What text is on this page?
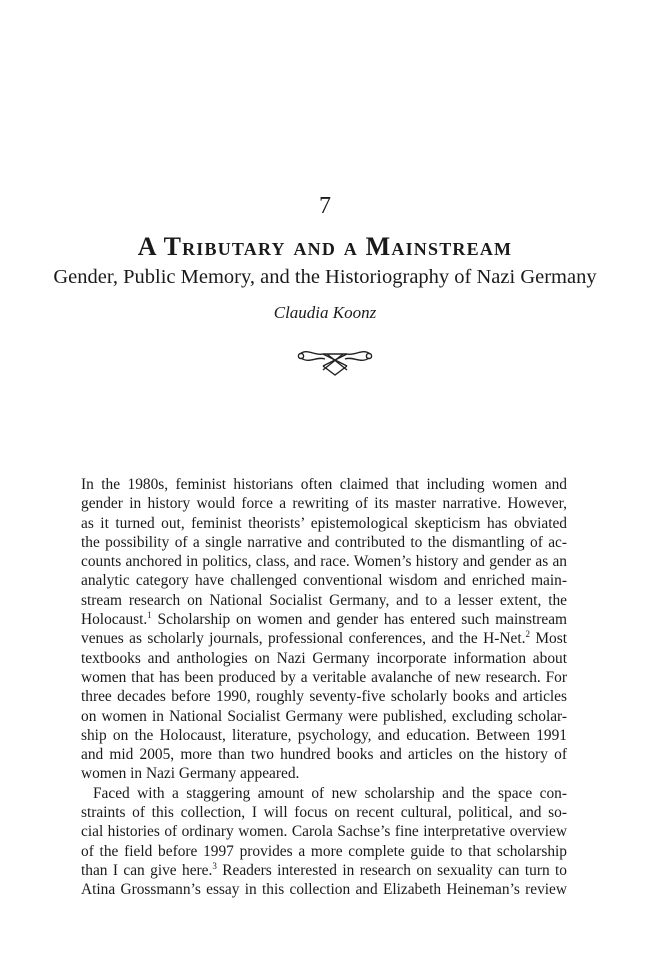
7
A Tributary and a Mainstream
Gender, Public Memory, and the Historiography of Nazi Germany
Claudia Koonz
In the 1980s, feminist historians often claimed that including women and
gender in history would force a rewriting of its master narrative. However,
as it turned out, feminist theorists’ epistemological skepticism has obviated
the possibility of a single narrative and contributed to the dismantling of ac-
counts anchored in politics, class, and race. Women’s history and gender as an
analytic category have challenged conventional wisdom and enriched main-
stream research on National Socialist Germany, and to a lesser extent, the
Holocaust.$^1$ Scholarship on women and gender has entered such mainstream
venues as scholarly journals, professional conferences, and the H-Net.$^2$ Most
textbooks and anthologies on Nazi Germany incorporate information about
women that has been produced by a veritable avalanche of new research. For
three decades before 1990, roughly seventy-five scholarly books and articles
on women in National Socialist Germany were published, excluding scholar-
ship on the Holocaust, literature, psychology, and education. Between 1991
and mid 2005, more than two hundred books and articles on the history of
women in Nazi Germany appeared.
Faced with a staggering amount of new scholarship and the space con-
straints of this collection, I will focus on recent cultural, political, and so-
cial histories of ordinary women. Carola Sachse’s fine interpretative overview
of the field before 1997 provides a more complete guide to that scholarship
than I can give here.$^3$ Readers interested in research on sexuality can turn to
Atina Grossmann’s essay in this collection and Elizabeth Heineman’s review
